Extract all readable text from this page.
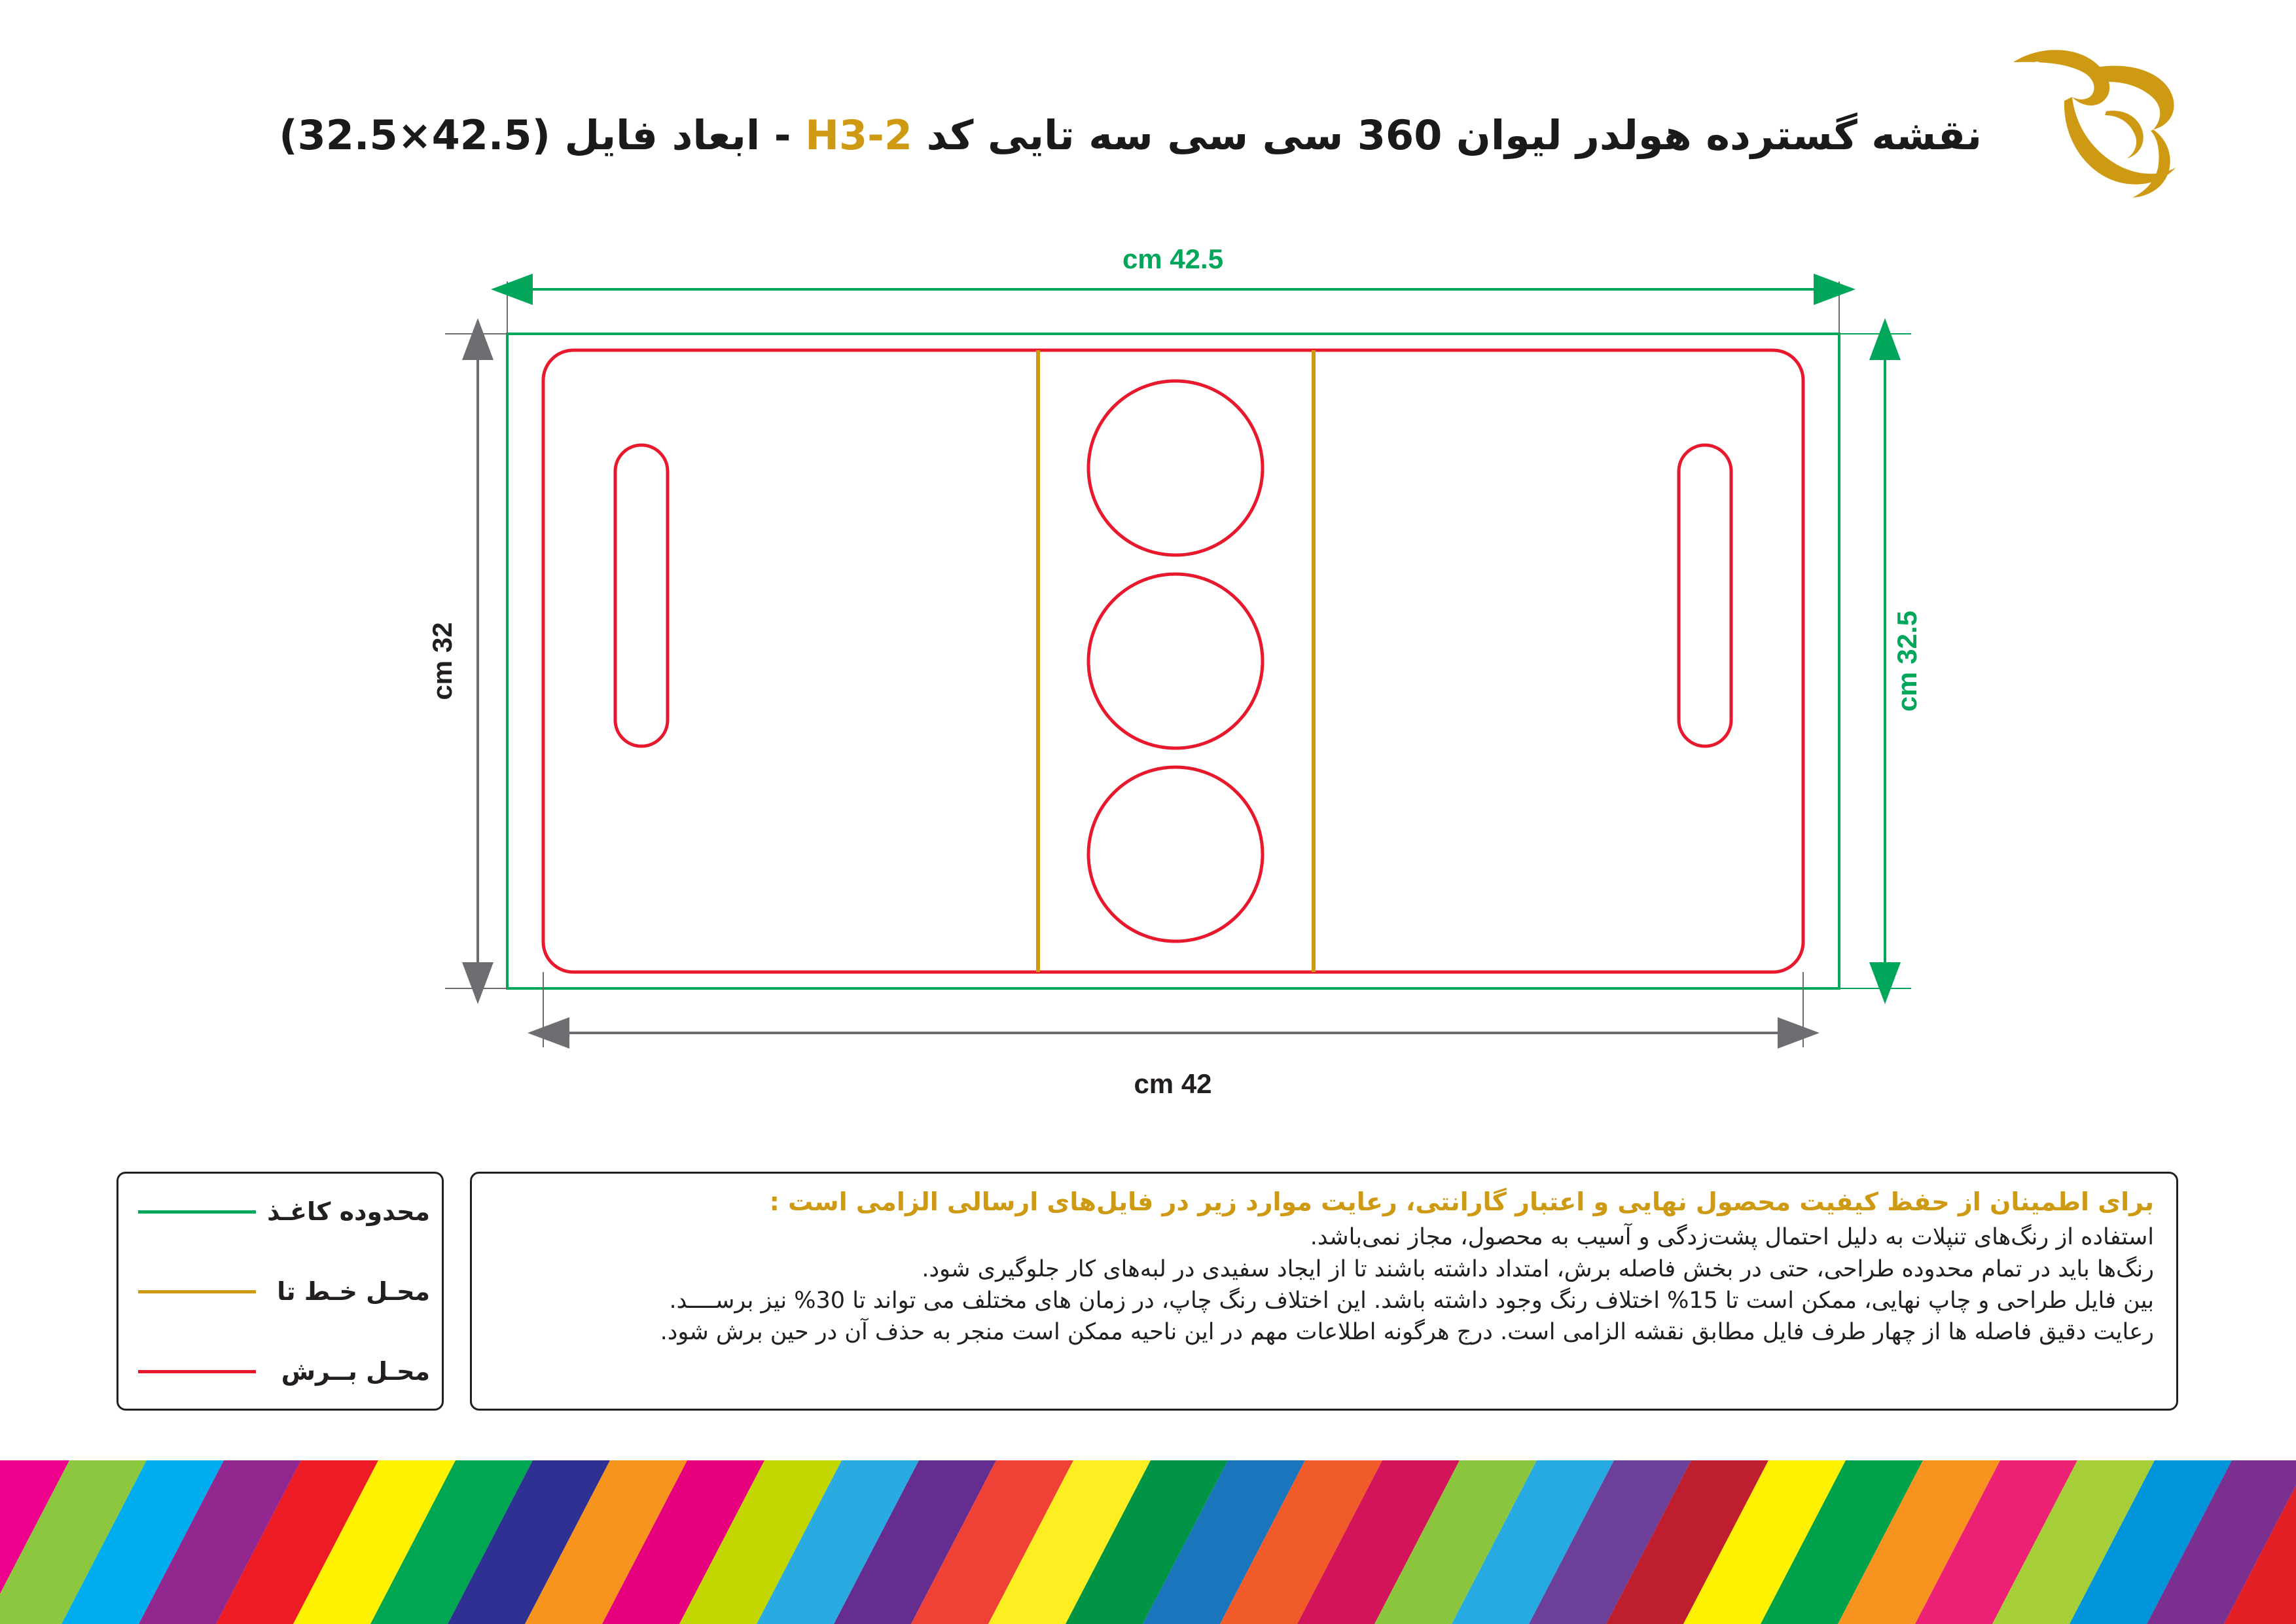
نقشه گسترده هولدر لیوان 360 سی سی سه تایی کد H3-2 - ابعاد فایل (42.5×32.5)
42.5 cm
42 cm
32 cm
32.5 cm
محدوده کاغـذ
محـل خـط تا
محـل بــرش
برای اطمینان از حفظ کیفیت محصول نهایی و اعتبار گارانتی، رعایت موارد زیر در فایل‌های ارسالی الزامی است :
استفاده از رنگ‌های تنپلات به دلیل احتمال پشت‌زدگی و آسیب به محصول، مجاز نمی‌باشد.
رنگ‌ها باید در تمام محدوده طراحی، حتی در بخش فاصله برش، امتداد داشته باشند تا از ایجاد سفیدی در لبه‌های کار جلوگیری شود.
بین فایل طراحی و چاپ نهایی، ممکن است تا 15% اختلاف رنگ وجود داشته باشد. این اختلاف رنگ چاپ، در زمان های مختلف می تواند تا 30% نیز برســــد.
رعایت دقیق فاصله ها از چهار طرف فایل مطابق نقشه الزامی است. درج هرگونه اطلاعات مهم در این ناحیه ممکن است منجر به حذف آن در حین برش شود.
